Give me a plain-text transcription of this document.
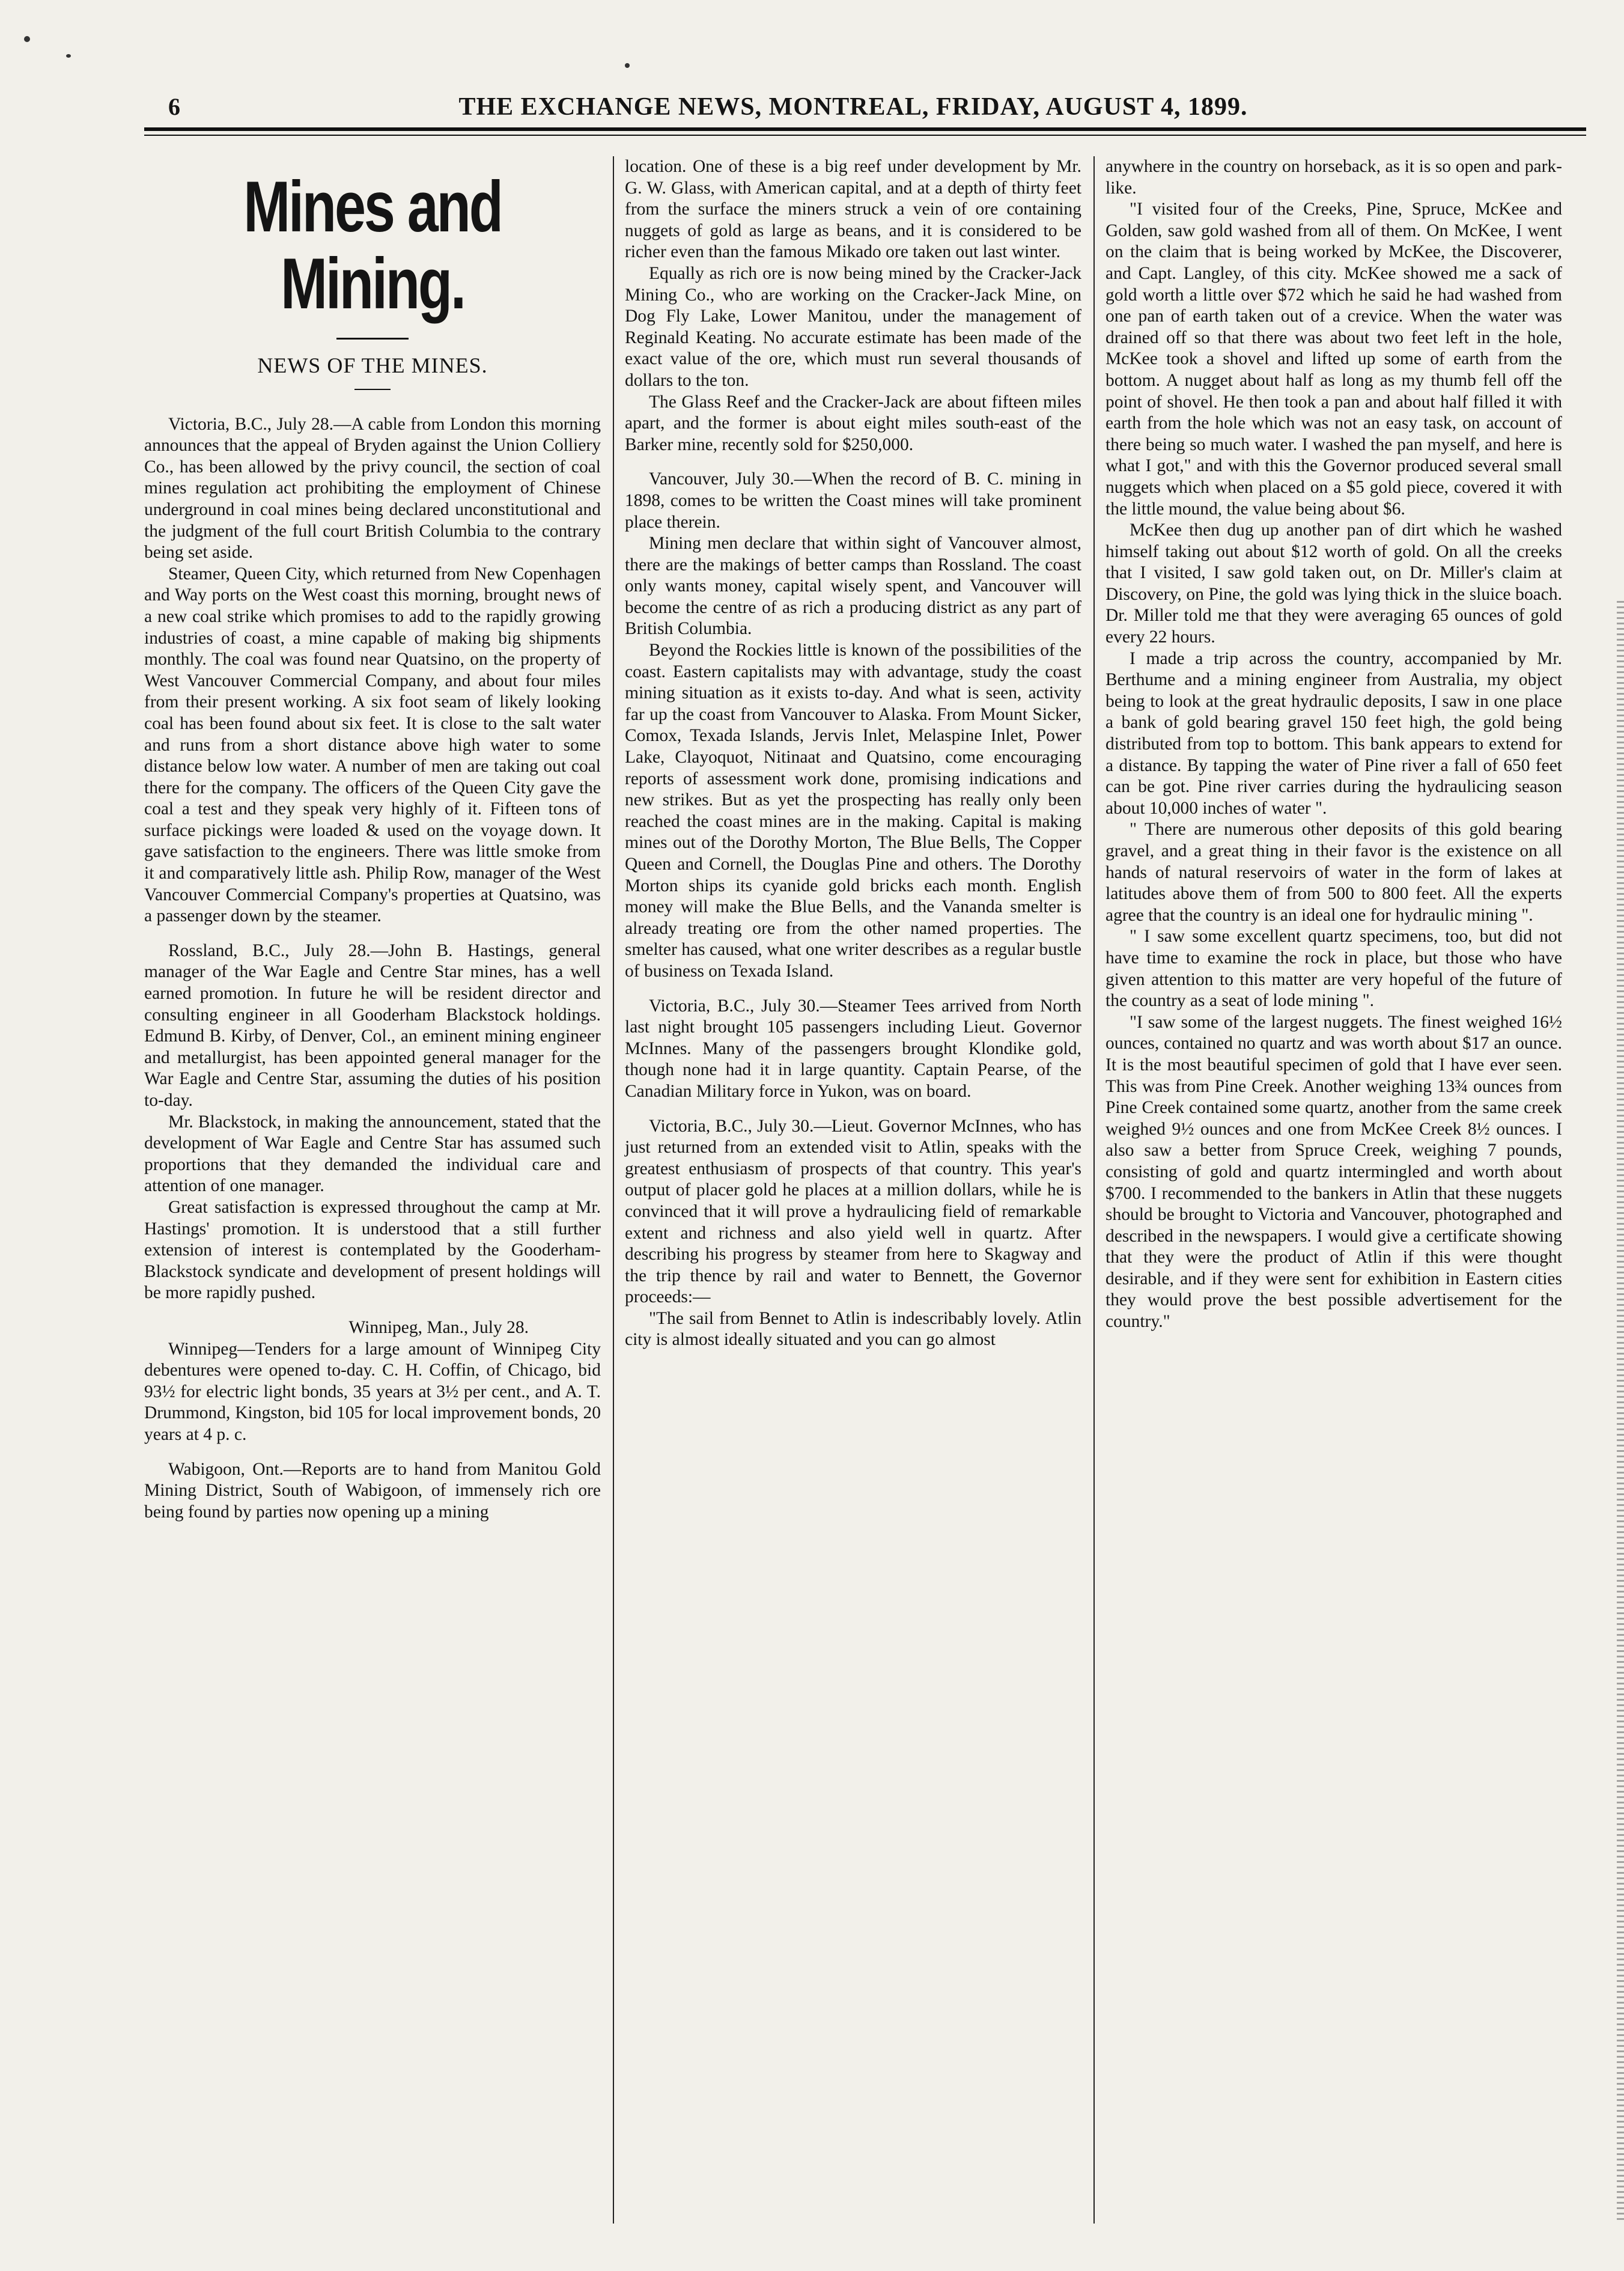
6	THE EXCHANGE NEWS, MONTREAL, FRIDAY, AUGUST 4, 1899.
Mines and Mining.
NEWS OF THE MINES.

Victoria, B.C., July 28.—A cable from London this morning announces that the appeal of Bryden against the Union Colliery Co., has been allowed by the privy council, the section of coal mines regulation act prohibiting the employment of Chinese underground in coal mines being declared unconstitutional and the judgment of the full court British Columbia to the contrary being set aside.

Steamer, Queen City, which returned from New Copenhagen and Way ports on the West coast this morning, brought news of a new coal strike which promises to add to the rapidly growing industries of coast, a mine capable of making big shipments monthly. The coal was found near Quatsino, on the property of West Vancouver Commercial Company, and about four miles from their present working. A six foot seam of likely looking coal has been found about six feet. It is close to the salt water and runs from a short distance above high water to some distance below low water. A number of men are taking out coal there for the company. The officers of the Queen City gave the coal a test and they speak very highly of it. Fifteen tons of surface pickings were loaded & used on the voyage down. It gave satisfaction to the engineers. There was little smoke from it and comparatively little ash. Philip Row, manager of the West Vancouver Commercial Company's properties at Quatsino, was a passenger down by the steamer.

Rossland, B.C., July 28.—John B. Hastings, general manager of the War Eagle and Centre Star mines, has a well earned promotion. In future he will be resident director and consulting engineer in all Gooderham Blackstock holdings. Edmund B. Kirby, of Denver, Col., an eminent mining engineer and metallurgist, has been appointed general manager for the War Eagle and Centre Star, assuming the duties of his position to-day.

Mr. Blackstock, in making the announcement, stated that the development of War Eagle and Centre Star has assumed such proportions that they demanded the individual care and attention of one manager.

Great satisfaction is expressed throughout the camp at Mr. Hastings' promotion. It is understood that a still further extension of interest is contemplated by the Gooderham-Blackstock syndicate and development of present holdings will be more rapidly pushed.

Winnipeg, Man., July 28.

Winnipeg—Tenders for a large amount of Winnipeg City debentures were opened to-day. C. H. Coffin, of Chicago, bid 93½ for electric light bonds, 35 years at 3½ per cent., and A. T. Drummond, Kingston, bid 105 for local improvement bonds, 20 years at 4 p. c.

Wabigoon, Ont.—Reports are to hand from Manitou Gold Mining District, South of Wabigoon, of immensely rich ore being found by parties now opening up a mining

location. One of these is a big reef under development by Mr. G. W. Glass, with American capital, and at a depth of thirty feet from the surface the miners struck a vein of ore containing nuggets of gold as large as beans, and it is considered to be richer even than the famous Mikado ore taken out last winter.

Equally as rich ore is now being mined by the Cracker-Jack Mining Co., who are working on the Cracker-Jack Mine, on Dog Fly Lake, Lower Manitou, under the management of Reginald Keating. No accurate estimate has been made of the exact value of the ore, which must run several thousands of dollars to the ton.

The Glass Reef and the Cracker-Jack are about fifteen miles apart, and the former is about eight miles south-east of the Barker mine, recently sold for $250,000.

Vancouver, July 30.—When the record of B. C. mining in 1898, comes to be written the Coast mines will take prominent place therein.

Mining men declare that within sight of Vancouver almost, there are the makings of better camps than Rossland. The coast only wants money, capital wisely spent, and Vancouver will become the centre of as rich a producing district as any part of British Columbia.

Beyond the Rockies little is known of the possibilities of the coast. Eastern capitalists may with advantage, study the coast mining situation as it exists to-day. And what is seen, activity far up the coast from Vancouver to Alaska. From Mount Sicker, Comox, Texada Islands, Jervis Inlet, Melaspine Inlet, Power Lake, Clayoquot, Nitinaat and Quatsino, come encouraging reports of assessment work done, promising indications and new strikes. But as yet the prospecting has really only been reached the coast mines are in the making. Capital is making mines out of the Dorothy Morton, The Blue Bells, The Copper Queen and Cornell, the Douglas Pine and others. The Dorothy Morton ships its cyanide gold bricks each month. English money will make the Blue Bells, and the Vananda smelter is already treating ore from the other named properties. The smelter has caused, what one writer describes as a regular bustle of business on Texada Island.

Victoria, B.C., July 30.—Steamer Tees arrived from North last night brought 105 passengers including Lieut. Governor McInnes. Many of the passengers brought Klondike gold, though none had it in large quantity. Captain Pearse, of the Canadian Military force in Yukon, was on board.

Victoria, B.C., July 30.—Lieut. Governor McInnes, who has just returned from an extended visit to Atlin, speaks with the greatest enthusiasm of prospects of that country. This year's output of placer gold he places at a million dollars, while he is convinced that it will prove a hydraulicing field of remarkable extent and richness and also yield well in quartz. After describing his progress by steamer from here to Skagway and the trip thence by rail and water to Bennett, the Governor proceeds:—

"The sail from Bennet to Atlin is indescribably lovely. Atlin city is almost ideally situated and you can go almost

anywhere in the country on horseback, as it is so open and park-like.

"I visited four of the Creeks, Pine, Spruce, McKee and Golden, saw gold washed from all of them. On McKee, I went on the claim that is being worked by McKee, the Discoverer, and Capt. Langley, of this city. McKee showed me a sack of gold worth a little over $72 which he said he had washed from one pan of earth taken out of a crevice. When the water was drained off so that there was about two feet left in the hole, McKee took a shovel and lifted up some of earth from the bottom. A nugget about half as long as my thumb fell off the point of shovel. He then took a pan and about half filled it with earth from the hole which was not an easy task, on account of there being so much water. I washed the pan myself, and here is what I got," and with this the Governor produced several small nuggets which when placed on a $5 gold piece, covered it with the little mound, the value being about $6.

McKee then dug up another pan of dirt which he washed himself taking out about $12 worth of gold. On all the creeks that I visited, I saw gold taken out, on Dr. Miller's claim at Discovery, on Pine, the gold was lying thick in the sluice boach. Dr. Miller told me that they were averaging 65 ounces of gold every 22 hours.

I made a trip across the country, accompanied by Mr. Berthume and a mining engineer from Australia, my object being to look at the great hydraulic deposits, I saw in one place a bank of gold bearing gravel 150 feet high, the gold being distributed from top to bottom. This bank appears to extend for a distance. By tapping the water of Pine river a fall of 650 feet can be got. Pine river carries during the hydraulicing season about 10,000 inches of water ".

" There are numerous other deposits of this gold bearing gravel, and a great thing in their favor is the existence on all hands of natural reservoirs of water in the form of lakes at latitudes above them of from 500 to 800 feet. All the experts agree that the country is an ideal one for hydraulic mining ".

" I saw some excellent quartz specimens, too, but did not have time to examine the rock in place, but those who have given attention to this matter are very hopeful of the future of the country as a seat of lode mining ".

"I saw some of the largest nuggets. The finest weighed 16½ ounces, contained no quartz and was worth about $17 an ounce. It is the most beautiful specimen of gold that I have ever seen. This was from Pine Creek. Another weighing 13¾ ounces from Pine Creek contained some quartz, another from the same creek weighed 9½ ounces and one from McKee Creek 8½ ounces. I also saw a better from Spruce Creek, weighing 7 pounds, consisting of gold and quartz intermingled and worth about $700. I recommended to the bankers in Atlin that these nuggets should be brought to Victoria and Vancouver, photographed and described in the newspapers. I would give a certificate showing that they were the product of Atlin if this were thought desirable, and if they were sent for exhibition in Eastern cities they would prove the best possible advertisement for the country."
